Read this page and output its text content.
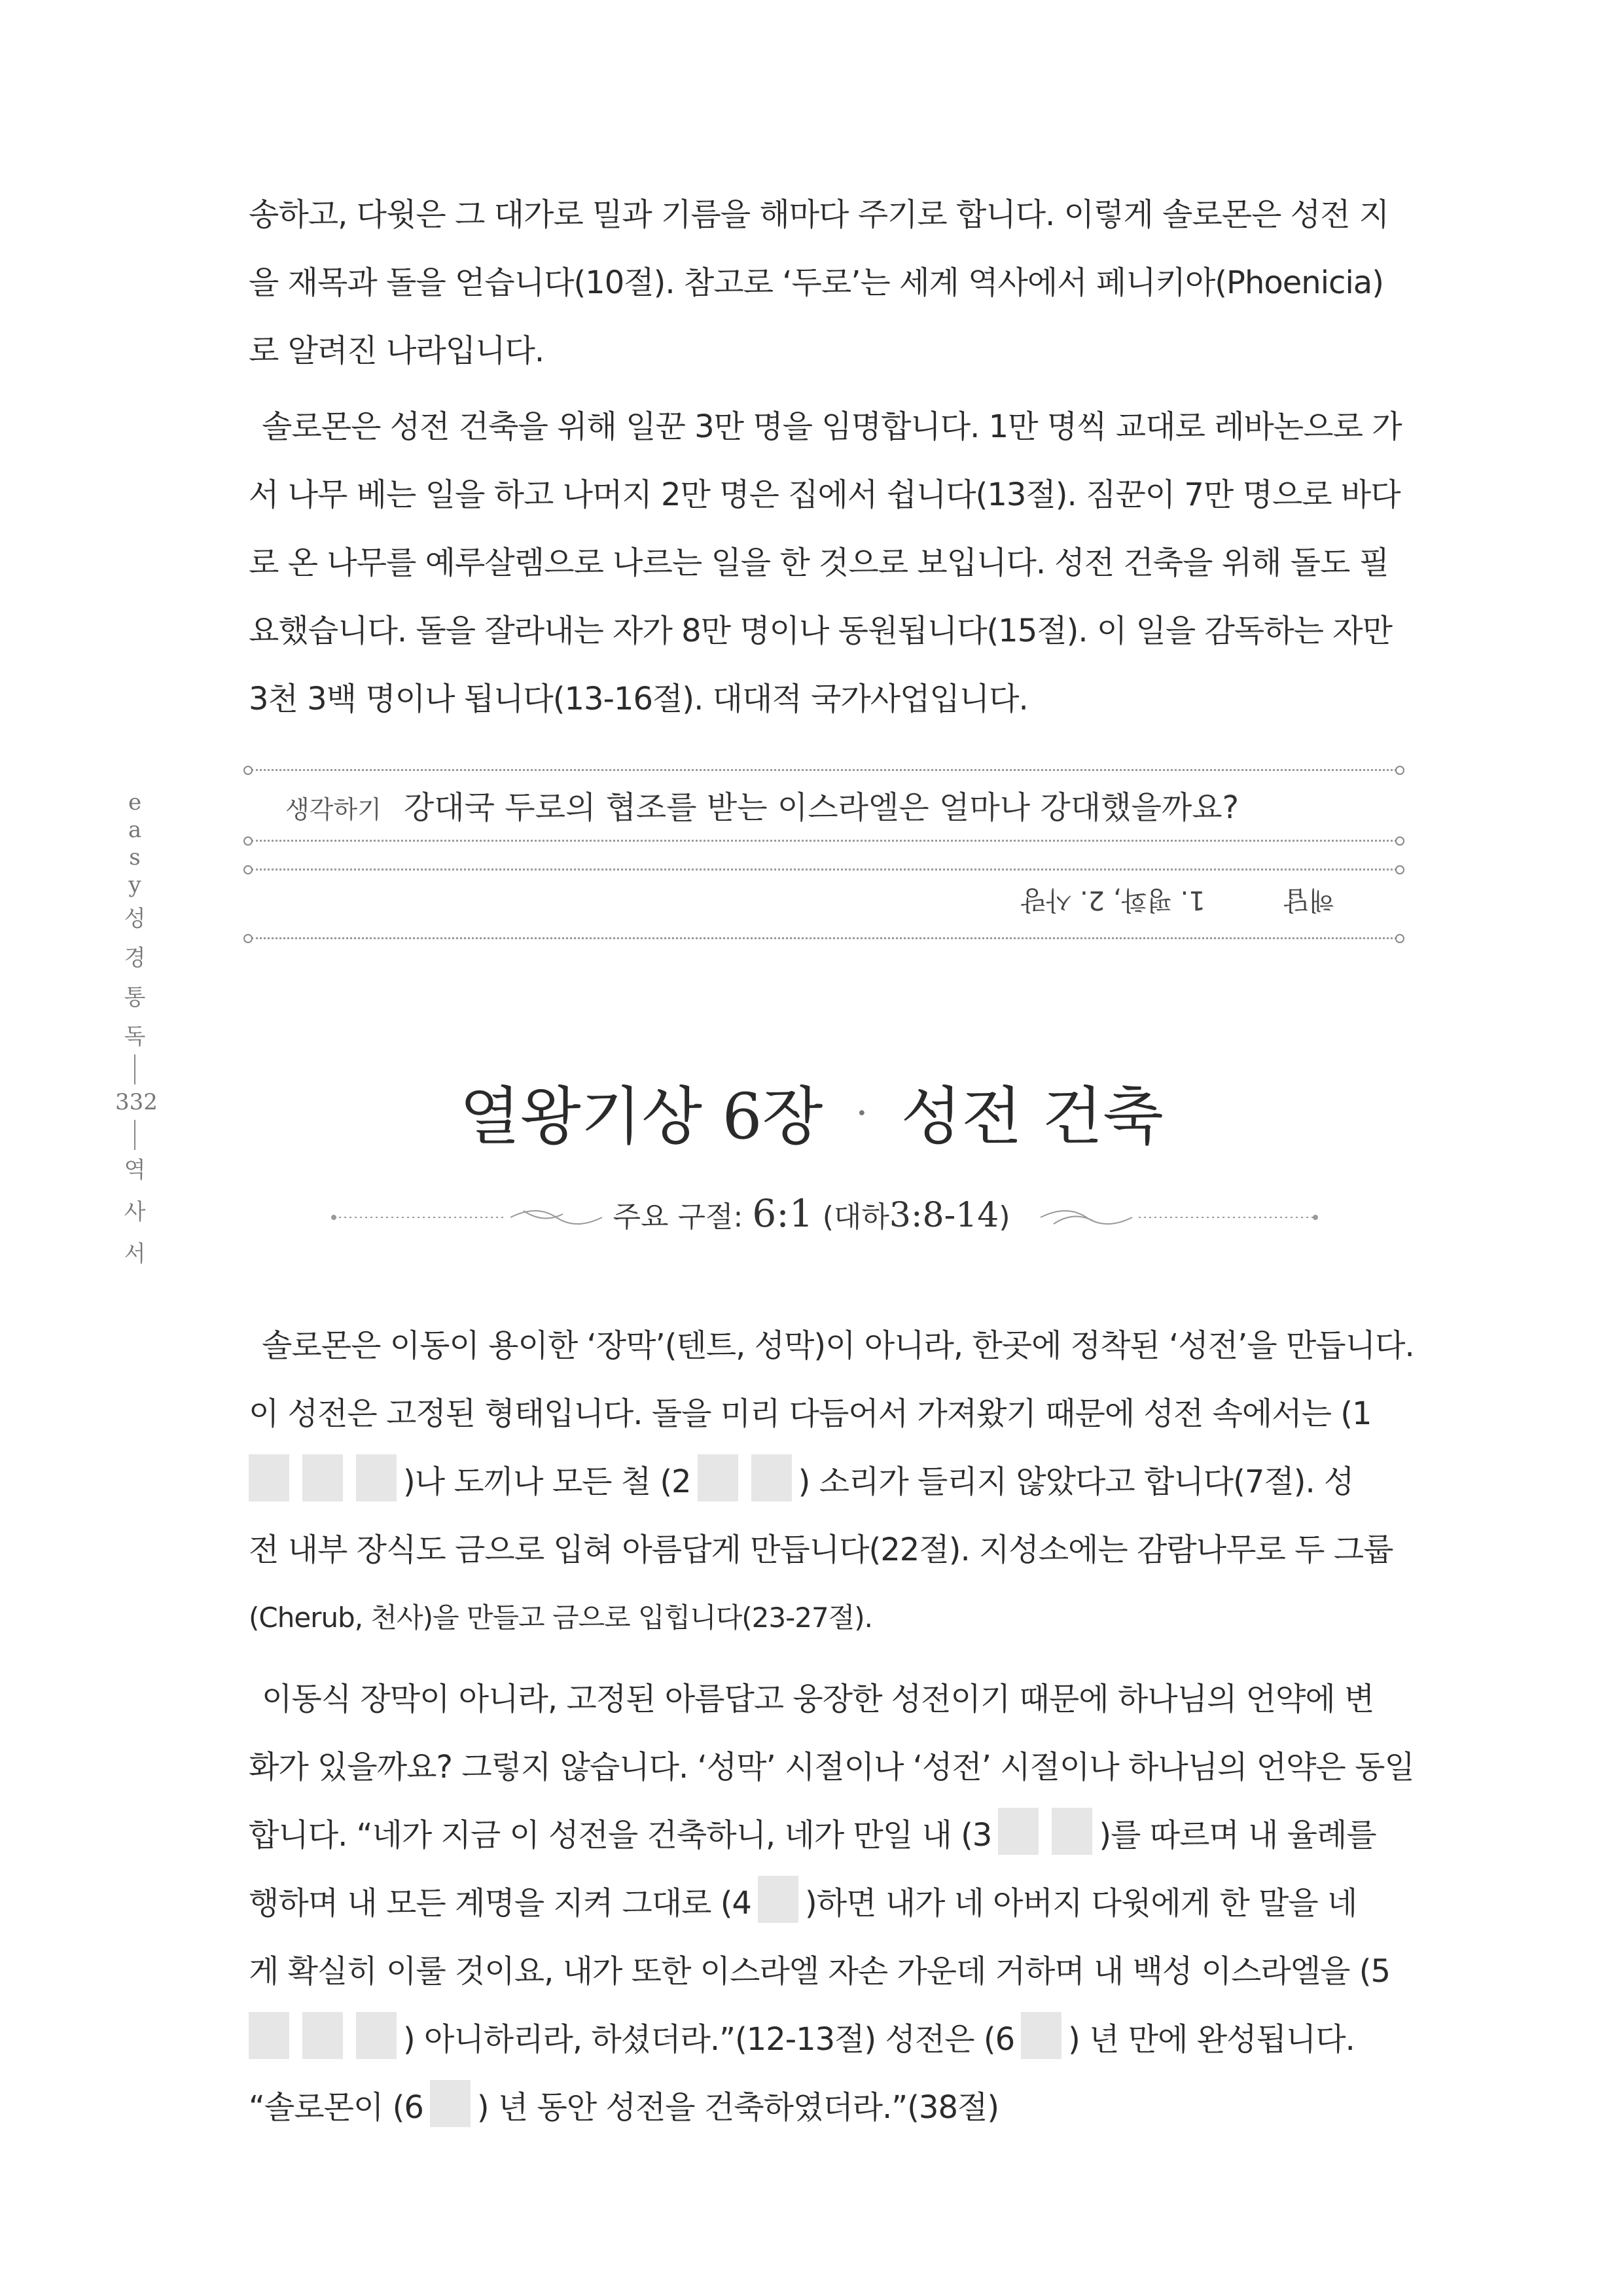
송하고, 다윗은 그 대가로 밀과 기름을 해마다 주기로 합니다. 이렇게 솔로몬은 성전 지
을 재목과 돌을 얻습니다(10절). 참고로 ‘두로’는 세계 역사에서 페니키아(Phoenicia)
로 알려진 나라입니다.
솔로몬은 성전 건축을 위해 일꾼 3만 명을 임명합니다. 1만 명씩 교대로 레바논으로 가
서 나무 베는 일을 하고 나머지 2만 명은 집에서 쉽니다(13절). 짐꾼이 7만 명으로 바다
로 온 나무를 예루살렘으로 나르는 일을 한 것으로 보입니다. 성전 건축을 위해 돌도 필
요했습니다. 돌을 잘라내는 자가 8만 명이나 동원됩니다(15절). 이 일을 감독하는 자만
3천 3백 명이나 됩니다(13-16절). 대대적 국가사업입니다.
e
a
s
y
성
경
통
독
332
역
사
서
생각하기 강대국 두로의 협조를 받는 이스라엘은 얼마나 강대했을까요?
해답1. 평화, 2. 사랑
열왕기상 6장 · 성전 건축
주요 구절: 6:1 (대하3:8-14)
솔로몬은 이동이 용이한 ‘장막’(텐트, 성막)이 아니라, 한곳에 정착된 ‘성전’을 만듭니다.
이 성전은 고정된 형태입니다. 돌을 미리 다듬어서 가져왔기 때문에 성전 속에서는 (1
)나 도끼나 모든 철 (2	) 소리가 들리지 않았다고 합니다(7절). 성
전 내부 장식도 금으로 입혀 아름답게 만듭니다(22절). 지성소에는 감람나무로 두 그룹
(Cherub, 천사)을 만들고 금으로 입힙니다(23-27절).
이동식 장막이 아니라, 고정된 아름답고 웅장한 성전이기 때문에 하나님의 언약에 변
화가 있을까요? 그렇지 않습니다. ‘성막’ 시절이나 ‘성전’ 시절이나 하나님의 언약은 동일
합니다. “네가 지금 이 성전을 건축하니, 네가 만일 내 (3	)를 따르며 내 율례를
행하며 내 모든 계명을 지켜 그대로 (4 )하면 내가 네 아버지 다윗에게 한 말을 네
게 확실히 이룰 것이요, 내가 또한 이스라엘 자손 가운데 거하며 내 백성 이스라엘을 (5
) 아니하리라, 하셨더라.”(12-13절) 성전은 (6 ) 년 만에 완성됩니다.
“솔로몬이 (6 ) 년 동안 성전을 건축하였더라.”(38절)
